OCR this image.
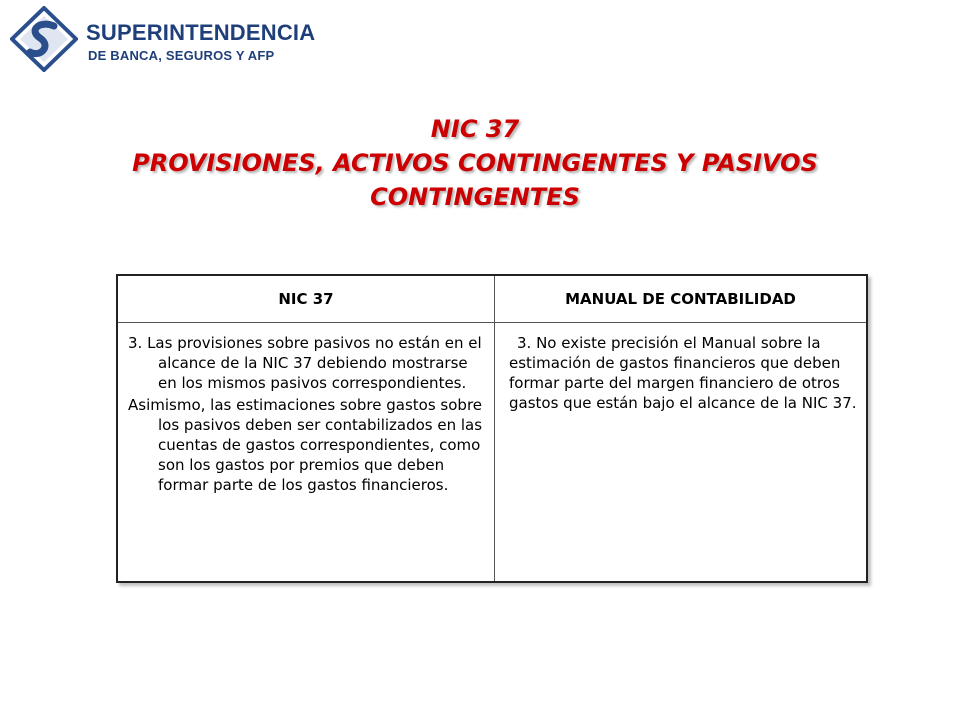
SUPERINTENDENCIA
DE BANCA, SEGUROS Y AFP
NIC 37
PROVISIONES, ACTIVOS CONTINGENTES Y PASIVOS
CONTINGENTES
NIC 37	MANUAL DE CONTABILIDAD

3. Las provisiones sobre pasivos no están en el alcance de la NIC 37 debiendo mostrarse en los mismos pasivos correspondientes.

Asimismo, las estimaciones sobre gastos sobre los pasivos deben ser contabilizados en las cuentas de gastos correspondientes, como son los gastos por premios que deben formar parte de los gastos financieros.	3. No existe precisión el Manual sobre la estimación de gastos financieros que deben formar parte del margen financiero de otros gastos que están bajo el alcance de la NIC 37.
